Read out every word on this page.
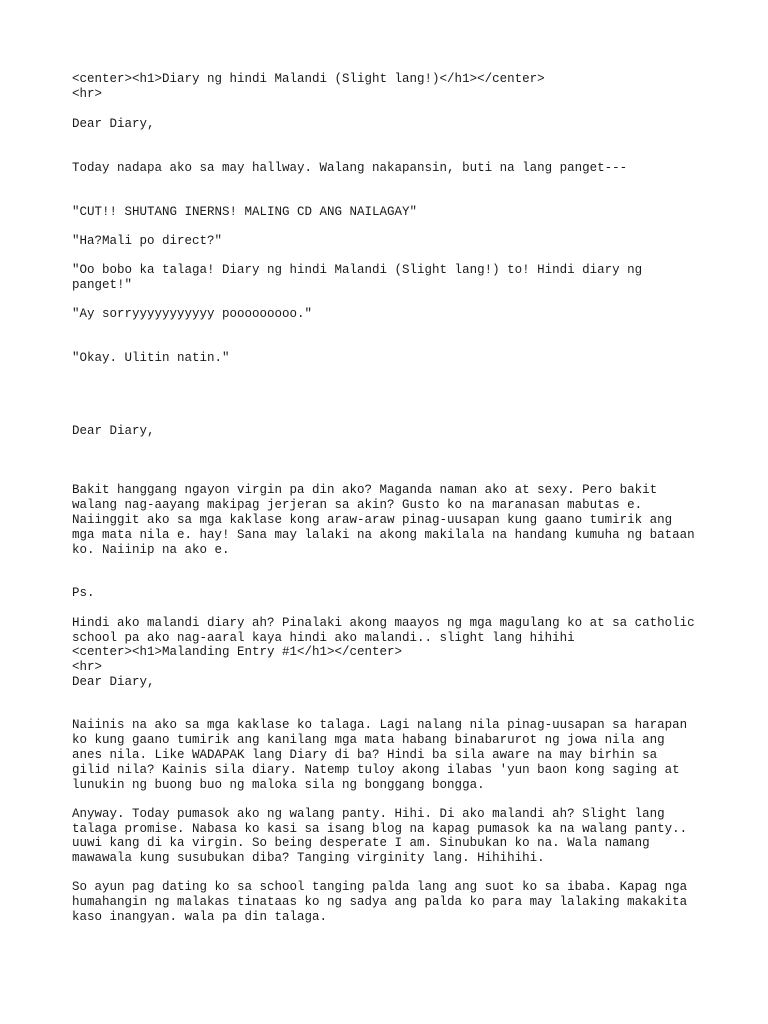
<center><h1>Diary ng hindi Malandi (Slight lang!)</h1></center>

<hr>

Dear Diary,

Today nadapa ako sa may hallway. Walang nakapansin, buti na lang panget---

"CUT!! SHUTANG INERNS! MALING CD ANG NAILAGAY"

"Ha?Mali po direct?"

"Oo bobo ka talaga! Diary ng hindi Malandi (Slight lang!) to! Hindi diary ng

panget!"

"Ay sorryyyyyyyyyyy pooooooooo."

"Okay. Ulitin natin."

Dear Diary,

Bakit hanggang ngayon virgin pa din ako? Maganda naman ako at sexy. Pero bakit

walang nag-aayang makipag jerjeran sa akin? Gusto ko na maranasan mabutas e.

Naiinggit ako sa mga kaklase kong araw-araw pinag-uusapan kung gaano tumirik ang

mga mata nila e. hay! Sana may lalaki na akong makilala na handang kumuha ng bataan

ko. Naiinip na ako e.

Ps.

Hindi ako malandi diary ah? Pinalaki akong maayos ng mga magulang ko at sa catholic

school pa ako nag-aaral kaya hindi ako malandi.. slight lang hihihi

<center><h1>Malanding Entry #1</h1></center>

<hr>

Dear Diary,

Naiinis na ako sa mga kaklase ko talaga. Lagi nalang nila pinag-uusapan sa harapan

ko kung gaano tumirik ang kanilang mga mata habang binabarurot ng jowa nila ang

anes nila. Like WADAPAK lang Diary di ba? Hindi ba sila aware na may birhin sa

gilid nila? Kainis sila diary. Natemp tuloy akong ilabas 'yun baon kong saging at

lunukin ng buong buo ng maloka sila ng bonggang bongga.

Anyway. Today pumasok ako ng walang panty. Hihi. Di ako malandi ah? Slight lang

talaga promise. Nabasa ko kasi sa isang blog na kapag pumasok ka na walang panty..

uuwi kang di ka virgin. So being desperate I am. Sinubukan ko na. Wala namang

mawawala kung susubukan diba? Tanging virginity lang. Hihihihi.

So ayun pag dating ko sa school tanging palda lang ang suot ko sa ibaba. Kapag nga

humahangin ng malakas tinataas ko ng sadya ang palda ko para may lalaking makakita

kaso inangyan. wala pa din talaga.
